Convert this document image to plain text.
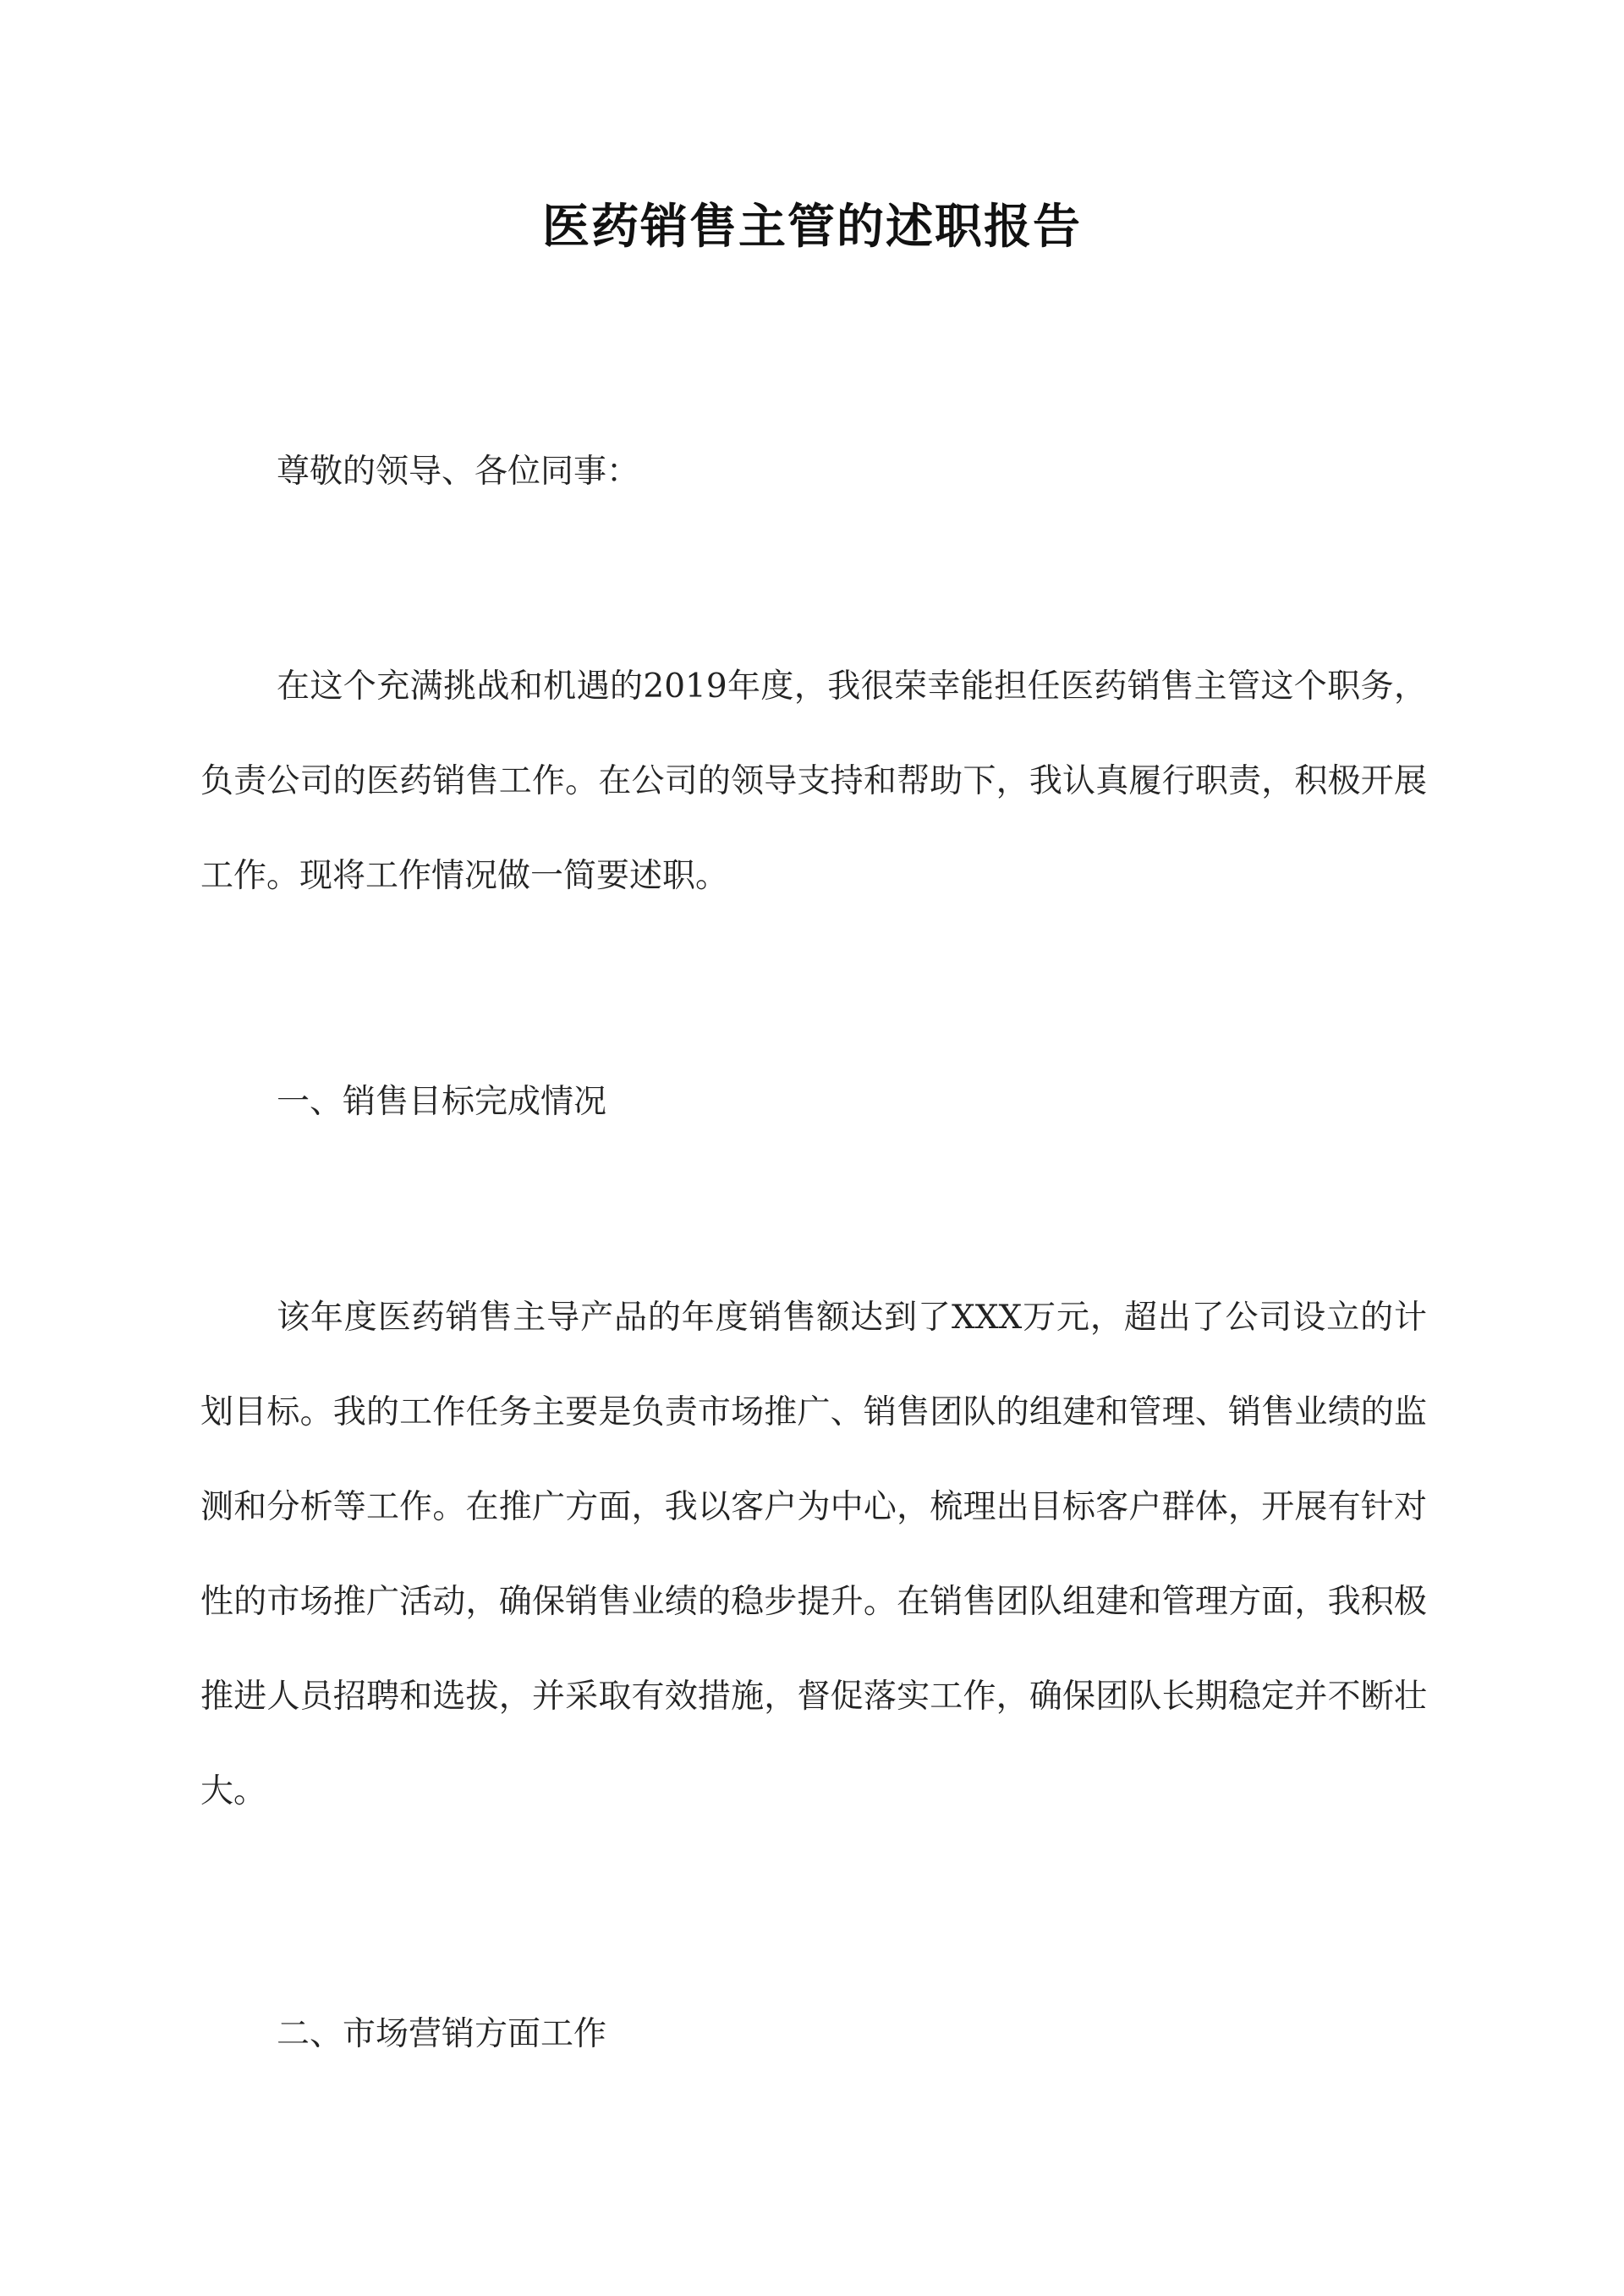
医药销售主管的述职报告

尊敬的领导、各位同事：

在这个充满挑战和机遇的2019年度，我很荣幸能担任医药销售主管这个职务，负责公司的医药销售工作。在公司的领导支持和帮助下，我认真履行职责，积极开展工作。现将工作情况做一简要述职。

一、销售目标完成情况

该年度医药销售主导产品的年度销售额达到了XXX万元，超出了公司设立的计划目标。我的工作任务主要是负责市场推广、销售团队的组建和管理、销售业绩的监测和分析等工作。在推广方面，我以客户为中心，梳理出目标客户群体，开展有针对性的市场推广活动，确保销售业绩的稳步提升。在销售团队组建和管理方面，我积极推进人员招聘和选拔，并采取有效措施，督促落实工作，确保团队长期稳定并不断壮大。

二、市场营销方面工作
